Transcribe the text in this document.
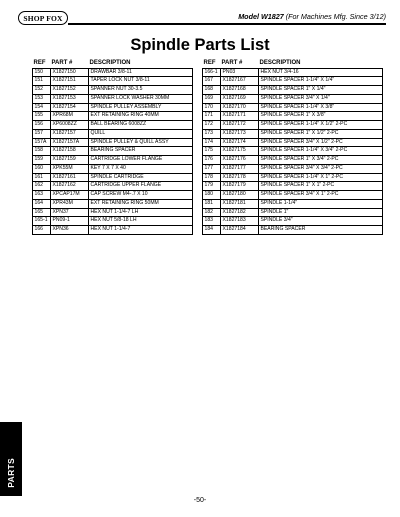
SHOP FOX	Model W1827 (For Machines Mfg. Since 3/12)
Spindle Parts List
REF	PART #	DESCRIPTION
150	X1827150	DRAWBAR 3/8-11
151	X1827151	TAPER LOCK NUT 3/8-11
152	X1827152	SPANNER NUT 30-3.5
153	X1827153	SPANNER LOCK WASHER 30MM
154	X1827154	SPINDLE PULLEY ASSEMBLY
155	XPR68M	EXT RETAINING RING 40MM
156	XP6008ZZ	BALL BEARING 6008ZZ
157	X1827157	QUILL
157A	X1827157A	SPINDLE PULLEY & QUILL ASSY
158	X1827158	BEARING SPACER
159	X1827159	CARTRIDGE LOWER FLANGE
160	XPK55M	KEY 7 X 7 X 40
161	X1827161	SPINDLE CARTRIDGE
162	X1827162	CARTRIDGE UPPER FLANGE
163	XPCAP17M	CAP SCREW M4-.7 X 10
164	XPR43M	EXT RETAINING RING 50MM
165	XPN37	HEX NUT 1-1/4-7 LH
165-1	PN09-1	HEX NUT 5/8-18 LH
166	XPN36	HEX NUT 1-1/4-7
REF	PART #	DESCRIPTION
166-1	PN03	HEX NUT 3/4-16
167	X1827167	SPINDLE SPACER 1-1/4" X 1/4"
168	X1827168	SPINDLE SPACER 1" X 1/4"
169	X1827169	SPINDLE SPACER 3/4" X 1/4"
170	X1827170	SPINDLE SPACER 1-1/4" X 3/8"
171	X1827171	SPINDLE SPACER 1" X 3/8"
172	X1827172	SPINDLE SPACER 1-1/4" X 1/2" 2-PC
173	X1827173	SPINDLE SPACER 1" X 1/2" 2-PC
174	X1827174	SPINDLE SPACER 3/4" X 1/2" 2-PC
175	X1827175	SPINDLE SPACER 1-1/4" X 3/4" 2-PC
176	X1827176	SPINDLE SPACER 1" X 3/4" 2-PC
177	X1827177	SPINDLE SPACER 3/4" X 3/4" 2-PC
178	X1827178	SPINDLE SPACER 1-1/4" X 1" 2-PC
179	X1827179	SPINDLE SPACER 1" X 1" 2-PC
180	X1827180	SPINDLE SPACER 3/4" X 1" 2-PC
181	X1827181	SPINDLE 1-1/4"
182	X1827182	SPINDLE 1"
183	X1827183	SPINDLE 3/4"
184	X1827184	BEARING SPACER
PARTS
-50-
